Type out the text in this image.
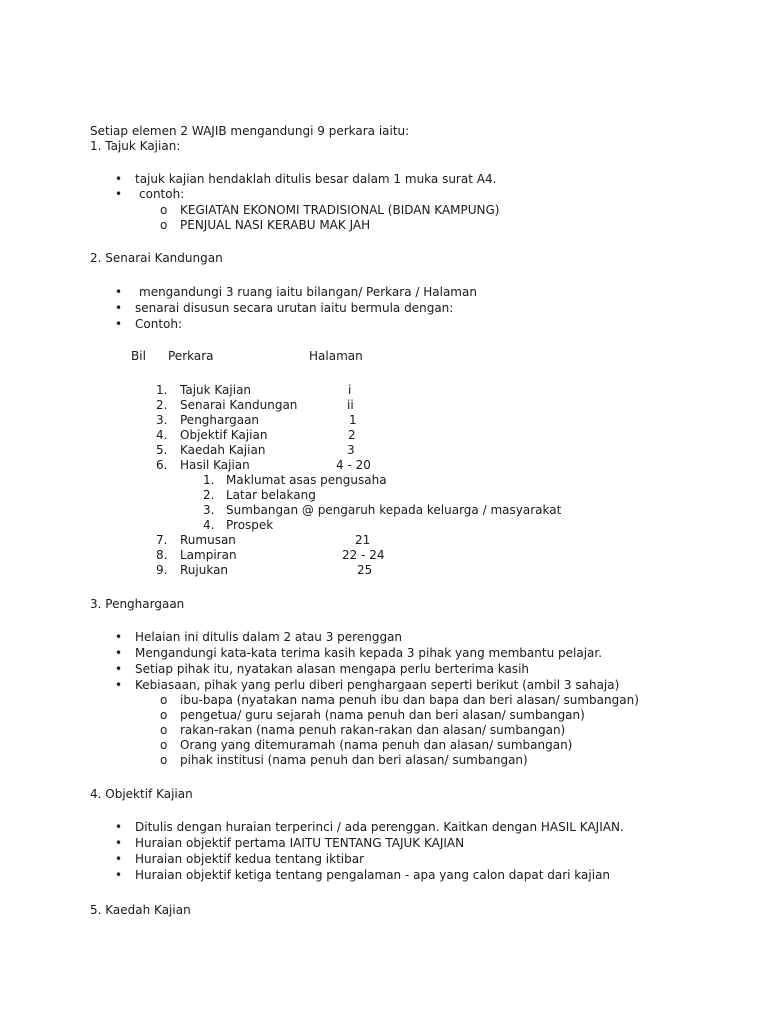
Setiap elemen 2 WAJIB mengandungi 9 perkara iaitu:
1. Tajuk Kajian:
• tajuk kajian hendaklah ditulis besar dalam 1 muka surat A4.
• contoh:
o KEGIATAN EKONOMI TRADISIONAL (BIDAN KAMPUNG)
o PENJUAL NASI KERABU MAK JAH
2. Senarai Kandungan
• mengandungi 3 ruang iaitu bilangan/ Perkara / Halaman
• senarai disusun secara urutan iaitu bermula dengan:
• Contoh:
Bil Perkara	Halaman
1. Tajuk Kajian	i
2. Senarai Kandungan	ii
3. Penghargaan	1
4. Objektif Kajian	2
5. Kaedah Kajian	3
6. Hasil Kajian	4 - 20
1. Maklumat asas pengusaha
2. Latar belakang
3. Sumbangan @ pengaruh kepada keluarga / masyarakat
4. Prospek
7. Rumusan	21
8. Lampiran	22 - 24
9. Rujukan	25
3. Penghargaan
• Helaian ini ditulis dalam 2 atau 3 perenggan
• Mengandungi kata-kata terima kasih kepada 3 pihak yang membantu pelajar.
• Setiap pihak itu, nyatakan alasan mengapa perlu berterima kasih
• Kebiasaan, pihak yang perlu diberi penghargaan seperti berikut (ambil 3 sahaja)
o ibu-bapa (nyatakan nama penuh ibu dan bapa dan beri alasan/ sumbangan)
o pengetua/ guru sejarah (nama penuh dan beri alasan/ sumbangan)
o rakan-rakan (nama penuh rakan-rakan dan alasan/ sumbangan)
o Orang yang ditemuramah (nama penuh dan alasan/ sumbangan)
o pihak institusi (nama penuh dan beri alasan/ sumbangan)
4. Objektif Kajian
• Ditulis dengan huraian terperinci / ada perenggan. Kaitkan dengan HASIL KAJIAN.
• Huraian objektif pertama IAITU TENTANG TAJUK KAJIAN
• Huraian objektif kedua tentang iktibar
• Huraian objektif ketiga tentang pengalaman - apa yang calon dapat dari kajian
5. Kaedah Kajian
